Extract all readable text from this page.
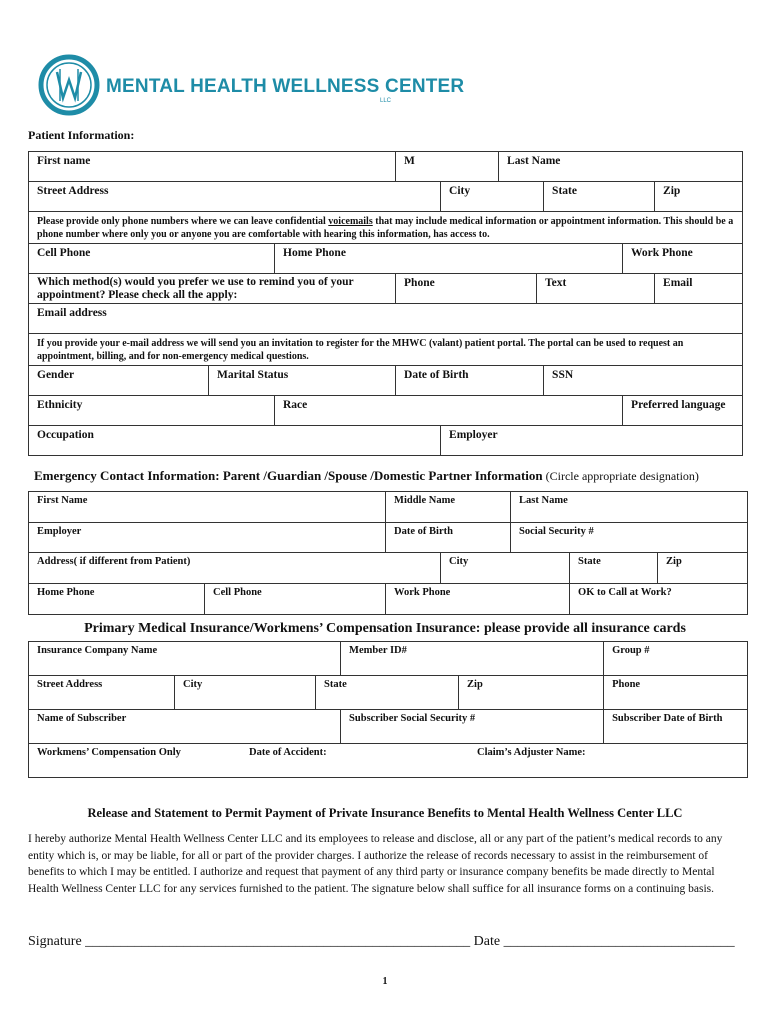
MENTAL HEALTH WELLNESS CENTER
LLC
Patient Information:
First name			M		Last Name				
Street Address				City			State		Zip
Please provide only phone numbers where we can leave confidential voicemails that may include medical information or appointment information. This should be a phone number where only you or anyone you are comfortable with hearing this information, has access to.									
Cell Phone		Home Phone						Work Phone	
Which method(s) would you prefer we use to remind you of your appointment? Please check all the apply:			Phone			Text			Email
Email address									
If you provide your e-mail address we will send you an invitation to register for the MHWC (valant) patient portal. The portal can be used to request an appointment, billing, and for non-emergency medical questions.									
Gender	Marital Status		Date of Birth				SSN		
Ethnicity		Race						Preferred language	
Occupation				Employer					
Emergency Contact Information: Parent /Guardian /Spouse /Domestic Partner Information (Circle appropriate designation)
First Name		Middle Name		Last Name		
Employer		Date of Birth		Social Security #		
Address( if different from Patient)			City		State	Zip
Home Phone	Cell Phone	Work Phone			OK to Call at Work?	
Primary Medical Insurance/Workmens’ Compensation Insurance: please provide all insurance cards
Insurance Company Name			Member ID#		Group #
Street Address	City	State		Zip	Phone
Name of Subscriber			Subscriber Social Security #		Subscriber Date of Birth

Workmens’ Compensation Only Date of Accident: Claim’s Adjuster Name:					
Release and Statement to Permit Payment of Private Insurance Benefits to Mental Health Wellness Center LLC
I hereby authorize Mental Health Wellness Center LLC and its employees to release and disclose, all or any part of the patient’s medical records to any entity which is, or may be liable, for all or part of the provider charges. I authorize the release of records necessary to assist in the reimbursement of benefits to which I may be entitled. I authorize and request that payment of any third party or insurance company benefits be made directly to Mental Health Wellness Center LLC for any services furnished to the patient. The signature below shall suffice for all insurance forms on a continuing basis.
Signature _______________________________________________________ Date _________________________________
1
